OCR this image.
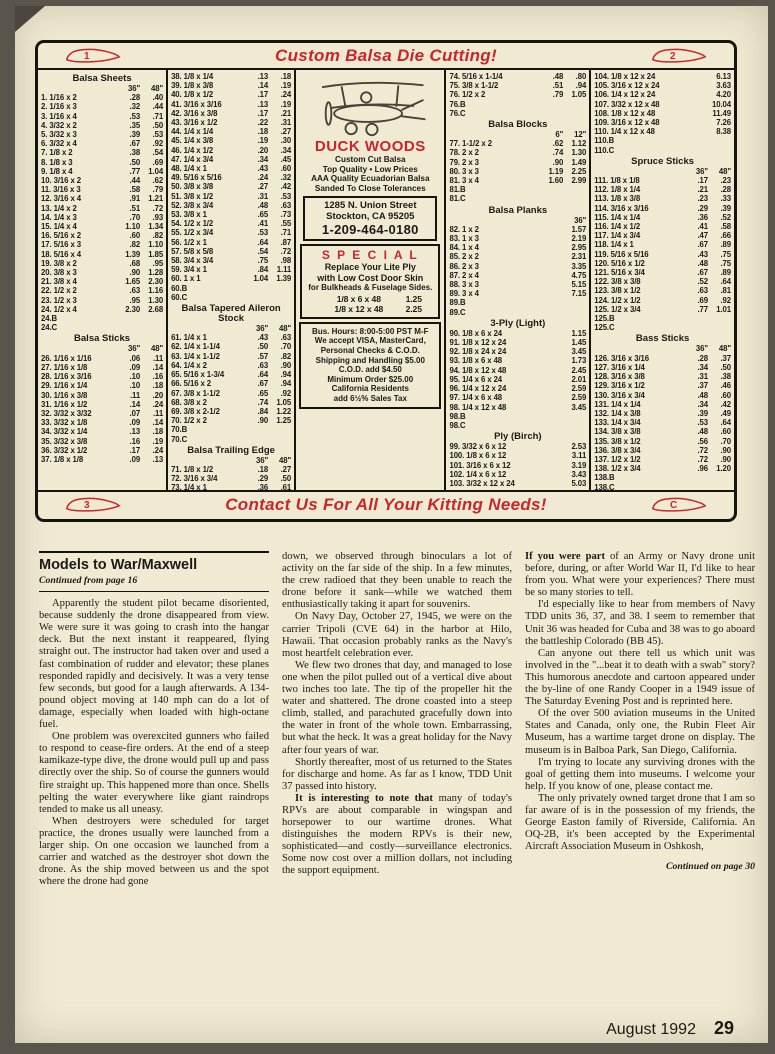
1	Custom Balsa Die Cutting!	2
Balsa Sheets
36"	48"
1. 1/16 x 2	.28	.40
2. 1/16 x 3	.32	.44
3. 1/16 x 4	.53	.71
4. 3/32 x 2	.35	.50
5. 3/32 x 3	.39	.53
6. 3/32 x 4	.67	.92
7. 1/8 x 2	.38	.54
8. 1/8 x 3	.50	.69
9. 1/8 x 4	.77	1.04
10. 3/16 x 2	.44	.62
11. 3/16 x 3	.58	.79
12. 3/16 x 4	.91	1.21
13. 1/4 x 2	.51	.72
14. 1/4 x 3	.70	.93
15. 1/4 x 4	1.10	1.34
16. 5/16 x 2	.60	.82
17. 5/16 x 3	.82	1.10
18. 5/16 x 4	1.39	1.85
19. 3/8 x 2	.68	.95
20. 3/8 x 3	.90	1.28
21. 3/8 x 4	1.65	2.30
22. 1/2 x 2	.63	1.16
23. 1/2 x 3	.95	1.30
24. 1/2 x 4	2.30	2.68
24.B
24.C
Balsa Sticks
36"	48"
26. 1/16 x 1/16	.06	.11
27. 1/16 x 1/8	.09	.14
28. 1/16 x 3/16	.10	.16
29. 1/16 x 1/4	.10	.18
30. 1/16 x 3/8	.11	.20
31. 1/16 x 1/2	.14	.24
32. 3/32 x 3/32	.07	.11
33. 3/32 x 1/8	.09	.14
34. 3/32 x 1/4	.13	.18
35. 3/32 x 3/8	.16	.19
36. 3/32 x 1/2	.17	.24
37. 1/8 x 1/8	.09	.13
38. 1/8 x 1/4	.13	.18
39. 1/8 x 3/8	.14	.19
40. 1/8 x 1/2	.17	.24
41. 3/16 x 3/16	.13	.19
42. 3/16 x 3/8	.17	.21
43. 3/16 x 1/2	.22	.31
44. 1/4 x 1/4	.18	.27
45. 1/4 x 3/8	.19	.30
46. 1/4 x 1/2	.20	.34
47. 1/4 x 3/4	.34	.45
48. 1/4 x 1	.43	.60
49. 5/16 x 5/16	.24	.32
50. 3/8 x 3/8	.27	.42
51. 3/8 x 1/2	.31	.53
52. 3/8 x 3/4	.48	.63
53. 3/8 x 1	.65	.73
54. 1/2 x 1/2	.41	.55
55. 1/2 x 3/4	.53	.71
56. 1/2 x 1	.64	.87
57. 5/8 x 5/8	.54	.72
58. 3/4 x 3/4	.75	.98
59. 3/4 x 1	.84	1.11
60. 1 x 1	1.04	1.39
60.B
60.C
Balsa Tapered Aileron Stock
36"	48"
61. 1/4 x 1	.43	.63
62. 1/4 x 1-1/4	.50	.70
63. 1/4 x 1-1/2	.57	.82
64. 1/4 x 2	.63	.90
65. 5/16 x 1-3/4	.64	.94
66. 5/16 x 2	.67	.94
67. 3/8 x 1-1/2	.65	.92
68. 3/8 x 2	.74	1.05
69. 3/8 x 2-1/2	.84	1.22
70. 1/2 x 2	.90	1.25
70.B
70.C
Balsa Trailing Edge
36"	48"
71. 1/8 x 1/2	.18	.27
72. 3/16 x 3/4	.29	.50
73. 1/4 x 1	.36	.61
DUCK WOODS
Custom Cut Balsa
Top Quality • Low Prices
AAA Quality Ecuadorian Balsa
Sanded To Close Tolerances
1285 N. Union Street
Stockton, CA 95205
1-209-464-0180
S P E C I A L
Replace Your Lite Ply
with Low Cost Door Skin
for Bulkheads & Fuselage Sides.
1/8 x 6 x 48	1.25
1/8 x 12 x 48	2.25
Bus. Hours: 8:00-5:00 PST M-F
We accept VISA, MasterCard,
Personal Checks & C.O.D.
Shipping and Handling $5.00
C.O.D. add $4.50
Minimum Order $25.00
California Residents
add 6½% Sales Tax
74. 5/16 x 1-1/4	.48	.80
75. 3/8 x 1-1/2	.51	.94
76. 1/2 x 2	.79	1.05
76.B
76.C
Balsa Blocks
6"	12"
77. 1-1/2 x 2	.62	1.12
78. 2 x 2	.74	1.30
79. 2 x 3	.90	1.49
80. 3 x 3	1.19	2.25
81. 3 x 4	1.60	2.99
81.B
81.C
Balsa Planks
36"
82. 1 x 2	1.57
83. 1 x 3	2.19
84. 1 x 4	2.95
85. 2 x 2	2.31
86. 2 x 3	3.35
87. 2 x 4	4.75
88. 3 x 3	5.15
89. 3 x 4	7.15
89.B
89.C
3-Ply (Light)
90. 1/8 x 6 x 24	1.15
91. 1/8 x 12 x 24	1.45
92. 1/8 x 24 x 24	3.45
93. 1/8 x 6 x 48	1.73
94. 1/8 x 12 x 48	2.45
95. 1/4 x 6 x 24	2.01
96. 1/4 x 12 x 24	2.59
97. 1/4 x 6 x 48	2.59
98. 1/4 x 12 x 48	3.45
98.B
98.C
Ply (Birch)
99. 3/32 x 6 x 12	2.53
100. 1/8 x 6 x 12	3.11
101. 3/16 x 6 x 12	3.19
102. 1/4 x 6 x 12	3.43
103. 3/32 x 12 x 24	5.03
104. 1/8 x 12 x 24	6.13
105. 3/16 x 12 x 24	3.63
106. 1/4 x 12 x 24	4.20
107. 3/32 x 12 x 48	10.04
108. 1/8 x 12 x 48	11.49
109. 3/16 x 12 x 48	7.26
110. 1/4 x 12 x 48	8.38
110.B
110.C
Spruce Sticks
36"	48"
111. 1/8 x 1/8	.17	.23
112. 1/8 x 1/4	.21	.28
113. 1/8 x 3/8	.23	.33
114. 3/16 x 3/16	.29	.39
115. 1/4 x 1/4	.36	.52
116. 1/4 x 1/2	.41	.58
117. 1/4 x 3/4	.47	.66
118. 1/4 x 1	.67	.89
119. 5/16 x 5/16	.43	.75
120. 5/16 x 1/2	.48	.75
121. 5/16 x 3/4	.67	.89
122. 3/8 x 3/8	.52	.64
123. 3/8 x 1/2	.63	.81
124. 1/2 x 1/2	.69	.92
125. 1/2 x 3/4	.77	1.01
125.B
125.C
Bass Sticks
36"	48"
126. 3/16 x 3/16	.28	.37
127. 3/16 x 1/4	.34	.50
128. 3/16 x 3/8	.31	.38
129. 3/16 x 1/2	.37	.46
130. 3/16 x 3/4	.48	.60
131. 1/4 x 1/4	.34	.42
132. 1/4 x 3/8	.39	.49
133. 1/4 x 3/4	.53	.64
134. 3/8 x 3/8	.48	.60
135. 3/8 x 1/2	.56	.70
136. 3/8 x 3/4	.72	.90
137. 1/2 x 1/2	.72	.90
138. 1/2 x 3/4	.96	1.20
138.B
138.C
3	Contact Us For All Your Kitting Needs!	C
Models to War/Maxwell
Continued from page 16

Apparently the student pilot became disoriented, because suddenly the drone disappeared from view. We were sure it was going to crash into the hangar deck. But the next instant it reappeared, flying straight out. The instructor had taken over and used a fast combination of rudder and elevator; these planes responded rapidly and decisively. It was a very tense few seconds, but good for a laugh afterwards. A 134-pound object moving at 140 mph can do a lot of damage, especially when loaded with high-octane fuel.

One problem was overexcited gunners who failed to respond to cease-fire orders. At the end of a steep kamikaze-type dive, the drone would pull up and pass directly over the ship. So of course the gunners would fire straight up. This happened more than once. Shells pelting the water everywhere like giant raindrops tended to make us all uneasy.

When destroyers were scheduled for target practice, the drones usually were launched from a larger ship. On one occasion we launched from a carrier and watched as the destroyer shot down the drone. As the ship moved between us and the spot where the drone had gone

down, we observed through binoculars a lot of activity on the far side of the ship. In a few minutes, the crew radioed that they been unable to reach the drone before it sank—while we watched them enthusiastically taking it apart for souvenirs.

On Navy Day, October 27, 1945, we were on the carrier Tripoli (CVE 64) in the harbor at Hilo, Hawaii. That occasion probably ranks as the Navy's most heartfelt celebration ever.

We flew two drones that day, and managed to lose one when the pilot pulled out of a vertical dive about two inches too late. The tip of the propeller hit the water and shattered. The drone coasted into a steep climb, stalled, and parachuted gracefully down into the water in front of the whole town. Embarrassing, but what the heck. It was a great holiday for the Navy after four years of war.

Shortly thereafter, most of us returned to the States for discharge and home. As far as I know, TDD Unit 37 passed into history.

It is interesting to note that many of today's RPVs are about comparable in wingspan and horsepower to our wartime drones. What distinguishes the modern RPVs is their new, sophisticated—and costly—surveillance electronics. Some now cost over a million dollars, not including the support equipment.

If you were part of an Army or Navy drone unit before, during, or after World War II, I'd like to hear from you. What were your experiences? There must be so many stories to tell.

I'd especially like to hear from members of Navy TDD units 36, 37, and 38. I seem to remember that Unit 36 was headed for Cuba and 38 was to go aboard the battleship Colorado (BB 45).

Can anyone out there tell us which unit was involved in the "...beat it to death with a swab" story? This humorous anecdote and cartoon appeared under the by-line of one Randy Cooper in a 1949 issue of The Saturday Evening Post and is reprinted here.

Of the over 500 aviation museums in the United States and Canada, only one, the Rubin Fleet Air Museum, has a wartime target drone on display. The museum is in Balboa Park, San Diego, California.

I'm trying to locate any surviving drones with the goal of getting them into museums. I welcome your help. If you know of one, please contact me.

The only privately owned target drone that I am so far aware of is in the possession of my friends, the George Easton family of Riverside, California. An OQ-2B, it's been accepted by the Experimental Aircraft Association Museum in Oshkosh,

Continued on page 30
August 1992 29
